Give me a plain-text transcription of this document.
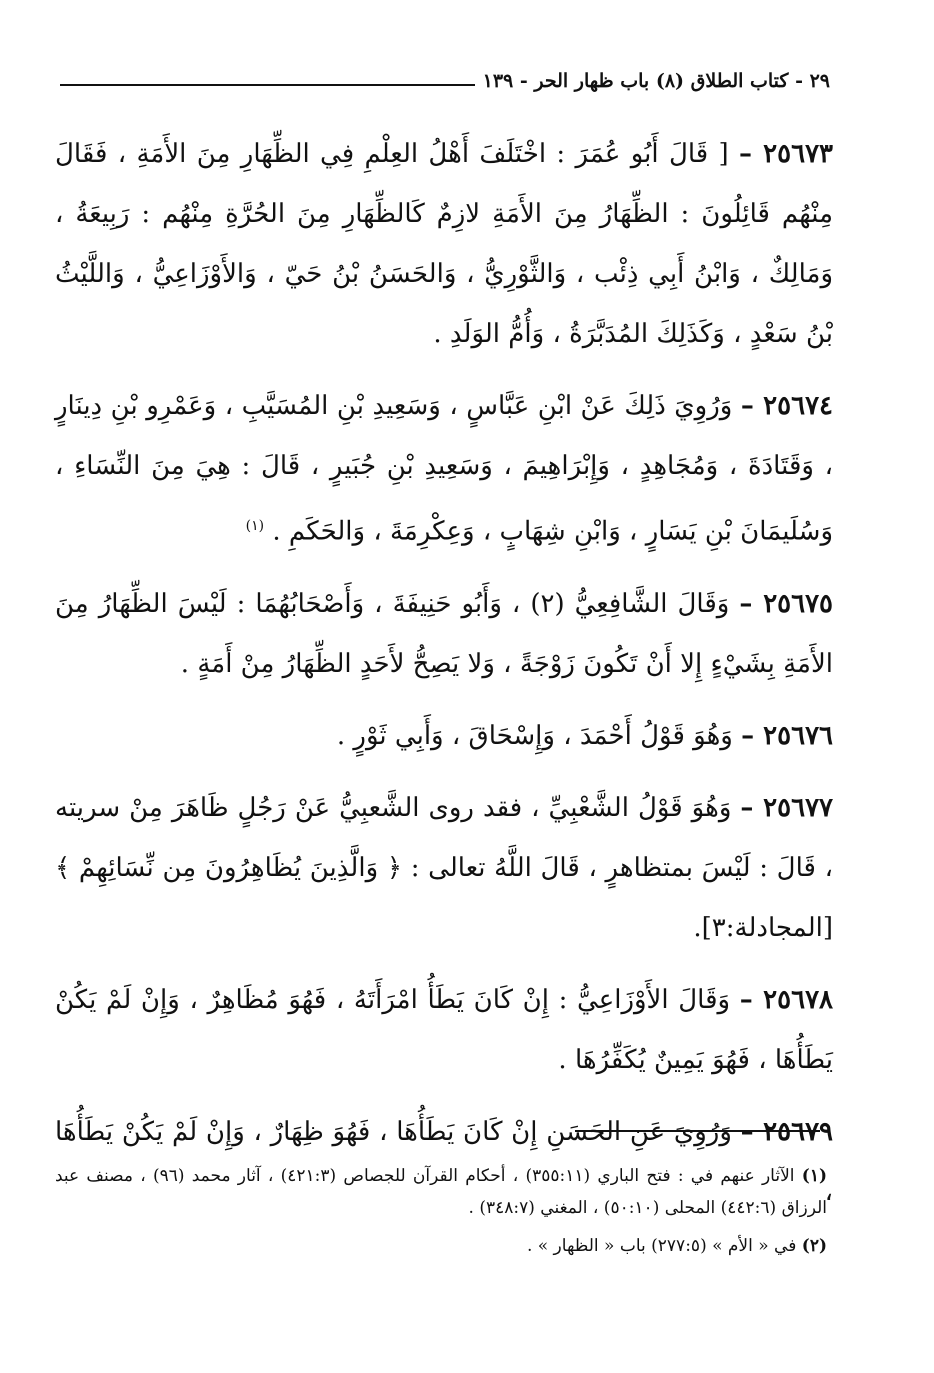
٢٩ - كتاب الطلاق (٨) باب ظهار الحر - ١٣٩

٢٥٦٧٣ – [ قَالَ أَبُو عُمَرَ : اخْتَلَفَ أَهْلُ العِلْمِ فِي الظِّهَارِ مِنَ الأَمَةِ ، فَقَالَ مِنْهُم قَائِلُونَ : الظِّهَارُ مِنَ الأَمَةِ لازِمٌ كَالظِّهَارِ مِنَ الحُرَّةِ مِنْهُم : رَبِيعَةُ ، وَمَالِكٌ ، وَابْنُ أَبِي ذِئْب ، وَالثَّوْرِيُّ ، وَالحَسَنُ بْنُ حَيّ ، وَالأَوْزَاعِيُّ ، وَاللَّيْثُ بْنُ سَعْدٍ ، وَكَذَلِكَ المُدَبَّرَةُ ، وَأُمُّ الوَلَدِ .

٢٥٦٧٤ – وَرُوِيَ ذَلِكَ عَنْ ابْنِ عَبَّاسٍ ، وَسَعِيدِ بْنِ المُسَيَّبِ ، وَعَمْرِو بْنِ دِينَارٍ ، وَقَتَادَةَ ، وَمُجَاهِدٍ ، وَإِبْرَاهِيمَ ، وَسَعِيدِ بْنِ جُبَيرٍ ، قَالَ : هِيَ مِنَ النِّسَاءِ ، وَسُلَيمَانَ بْنِ يَسَارٍ ، وَابْنِ شِهَابٍ ، وَعِكْرِمَةَ ، وَالحَكَمِ . $^{(١)}$

٢٥٦٧٥ – وَقَالَ الشَّافِعِيُّ (٢) ، وَأَبُو حَنِيفَةَ ، وَأَصْحَابُهُمَا : لَيْسَ الظِّهَارُ مِنَ الأَمَةِ بِشَيْءٍ إِلا أَنْ تَكُونَ زَوْجَةً ، وَلا يَصِحُّ لأَحَدٍ الظِّهَارُ مِنْ أَمَةٍ .

٢٥٦٧٦ – وَهُوَ قَوْلُ أَحْمَدَ ، وَإِسْحَاقَ ، وَأَبِي ثَوْرٍ .

٢٥٦٧٧ – وَهُوَ قَوْلُ الشَّعْبِيِّ ، فقد روى الشَّعبِيُّ عَنْ رَجُلٍ ظَاهَرَ مِنْ سريته ، قَالَ : لَيْسَ بمتظاهرٍ ، قَالَ اللَّهُ تعالى : ﴿ وَالَّذِينَ يُظَاهِرُونَ مِن نِّسَائِهِمْ ﴾ [المجادلة:٣].

٢٥٦٧٨ – وَقَالَ الأَوْزَاعِيُّ : إِنْ كَانَ يَطَأُ امْرَأَتَهُ ، فَهُوَ مُظَاهِرٌ ، وَإِنْ لَمْ يَكُنْ يَطَأُهَا ، فَهُوَ يَمِينٌ يُكَفِّرُهَا .

٢٥٦٧٩ – وَرُوِيَ عَنِ الحَسَنِ إِنْ كَانَ يَطَأُهَا ، فَهُوَ ظِهَارٌ ، وَإِنْ لَمْ يَكُنْ يَطَأُهَا ،

(١) الآثار عنهم في : فتح الباري (٣٥٥:١١) ، أحكام القرآن للجصاص (٤٢١:٣) ، آثار محمد (٩٦) ، مصنف عبد الرزاق (٤٤٢:٦) المحلى (٥٠:١٠) ، المغني (٣٤٨:٧) .

(٢) في « الأم » (٢٧٧:٥) باب « الظهار » .
